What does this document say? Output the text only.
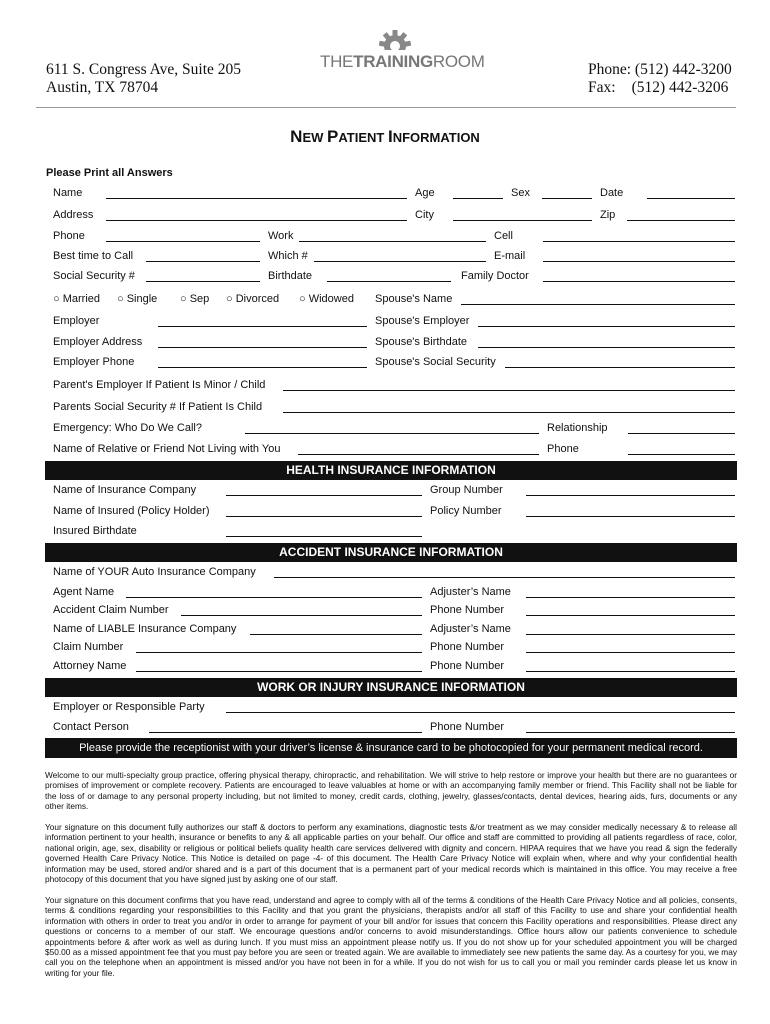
611 S. Congress Ave, Suite 205
Austin, TX 78704
THETRAININGROOM	Phone: (512) 442-3200
Fax: (512) 442-3206
NEW PATIENT INFORMATION
Please Print all Answers
Name	Age	Sex	Date
Address	City	Zip
Phone	Work	Cell
Best time to Call	Which #	E-mail
Social Security #	Birthdate	Family Doctor
○ Married ○ Single ○ Sep ○ Divorced ○ Widowed Spouse's Name
Employer	Spouse's Employer
Employer Address	Spouse's Birthdate
Employer Phone	Spouse's Social Security
Parent's Employer If Patient Is Minor / Child
Parents Social Security # If Patient Is Child
Emergency: Who Do We Call?	Relationship
Name of Relative or Friend Not Living with You	Phone
HEALTH INSURANCE INFORMATION
Name of Insurance Company	Group Number
Name of Insured (Policy Holder)	Policy Number
Insured Birthdate
ACCIDENT INSURANCE INFORMATION
Name of YOUR Auto Insurance Company
Agent Name	Adjuster’s Name
Accident Claim Number	Phone Number
Name of LIABLE Insurance Company	Adjuster’s Name
Claim Number	Phone Number
Attorney Name	Phone Number
WORK OR INJURY INSURANCE INFORMATION
Employer or Responsible Party
Contact Person	Phone Number
Please provide the receptionist with your driver’s license & insurance card to be photocopied for your permanent medical record.
Welcome to our multi-specialty group practice, offering physical therapy, chiropractic, and rehabilitation. We will strive to help restore or improve your health but there are no guarantees or promises of improvement or complete recovery. Patients are encouraged to leave valuables at home or with an accompanying family member or friend. This Facility shall not be liable for the loss of or damage to any personal property including, but not limited to money, credit cards, clothing, jewelry, glasses/contacts, dental devices, hearing aids, furs, documents or any other items.
Your signature on this document fully authorizes our staff & doctors to perform any examinations, diagnostic tests &/or treatment as we may consider medically necessary & to release all information pertinent to your health, insurance or benefits to any & all applicable parties on your behalf. Our office and staff are committed to providing all patients regardless of race, color, national origin, age, sex, disability or religious or political beliefs quality health care services delivered with dignity and concern. HIPAA requires that we have you read & sign the federally governed Health Care Privacy Notice. This Notice is detailed on page -4- of this document. The Health Care Privacy Notice will explain when, where and why your confidential health information may be used, stored and/or shared and is a part of this document that is a permanent part of your medical records which is maintained in this office. You may receive a free photocopy of this document that you have signed just by asking one of our staff.
Your signature on this document confirms that you have read, understand and agree to comply with all of the terms & conditions of the Health Care Privacy Notice and all policies, consents, terms & conditions regarding your responsibilities to this Facility and that you grant the physicians, therapists and/or all staff of this Facility to use and share your confidential health information with others in order to treat you and/or in order to arrange for payment of your bill and/or for issues that concern this Facility operations and responsibilities. Please direct any questions or concerns to a member of our staff. We encourage questions and/or concerns to avoid misunderstandings. Office hours allow our patients convenience to schedule appointments before & after work as well as during lunch. If you must miss an appointment please notify us. If you do not show up for your scheduled appointment you will be charged $50.00 as a missed appointment fee that you must pay before you are seen or treated again. We are available to immediately see new patients the same day. As a courtesy for you, we may call you on the telephone when an appointment is missed and/or you have not been in for a while. If you do not wish for us to call you or mail you reminder cards please let us know in writing for your file.
